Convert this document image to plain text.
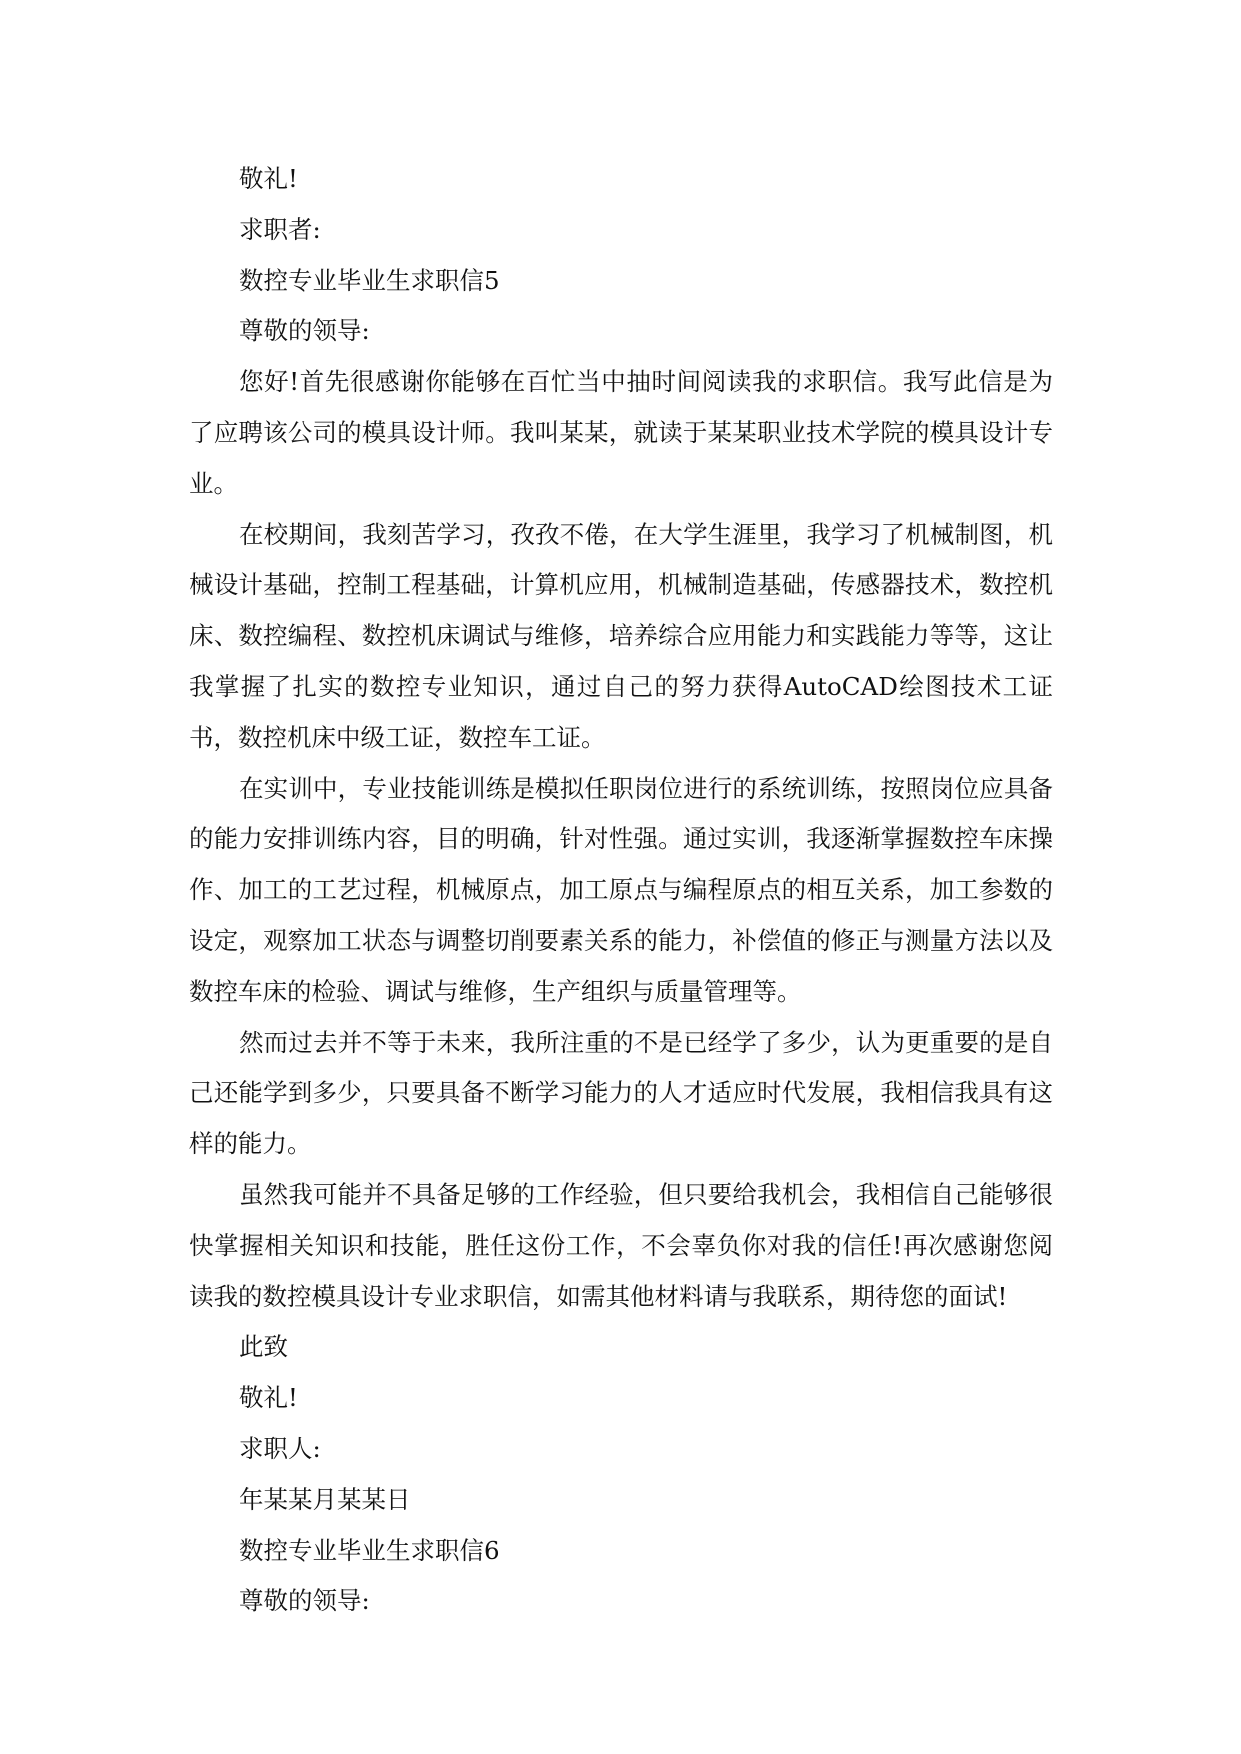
敬礼!
求职者:
数控专业毕业生求职信5
尊敬的领导:

您好!首先很感谢你能够在百忙当中抽时间阅读我的求职信。我写此信是为了应聘该公司的模具设计师。我叫某某，就读于某某职业技术学院的模具设计专业。

在校期间，我刻苦学习，孜孜不倦，在大学生涯里，我学习了机械制图，机械设计基础，控制工程基础，计算机应用，机械制造基础，传感器技术，数控机床、数控编程、数控机床调试与维修，培养综合应用能力和实践能力等等，这让我掌握了扎实的数控专业知识，通过自己的努力获得AutoCAD绘图技术工证书，数控机床中级工证，数控车工证。

在实训中，专业技能训练是模拟任职岗位进行的系统训练，按照岗位应具备的能力安排训练内容，目的明确，针对性强。通过实训，我逐渐掌握数控车床操作、加工的工艺过程，机械原点，加工原点与编程原点的相互关系，加工参数的设定，观察加工状态与调整切削要素关系的能力，补偿值的修正与测量方法以及数控车床的检验、调试与维修，生产组织与质量管理等。

然而过去并不等于未来，我所注重的不是已经学了多少，认为更重要的是自己还能学到多少，只要具备不断学习能力的人才适应时代发展，我相信我具有这样的能力。

虽然我可能并不具备足够的工作经验，但只要给我机会，我相信自己能够很快掌握相关知识和技能，胜任这份工作，不会辜负你对我的信任!再次感谢您阅读我的数控模具设计专业求职信，如需其他材料请与我联系，期待您的面试!

此致
敬礼!
求职人:
年某某月某某日
数控专业毕业生求职信6
尊敬的领导:
